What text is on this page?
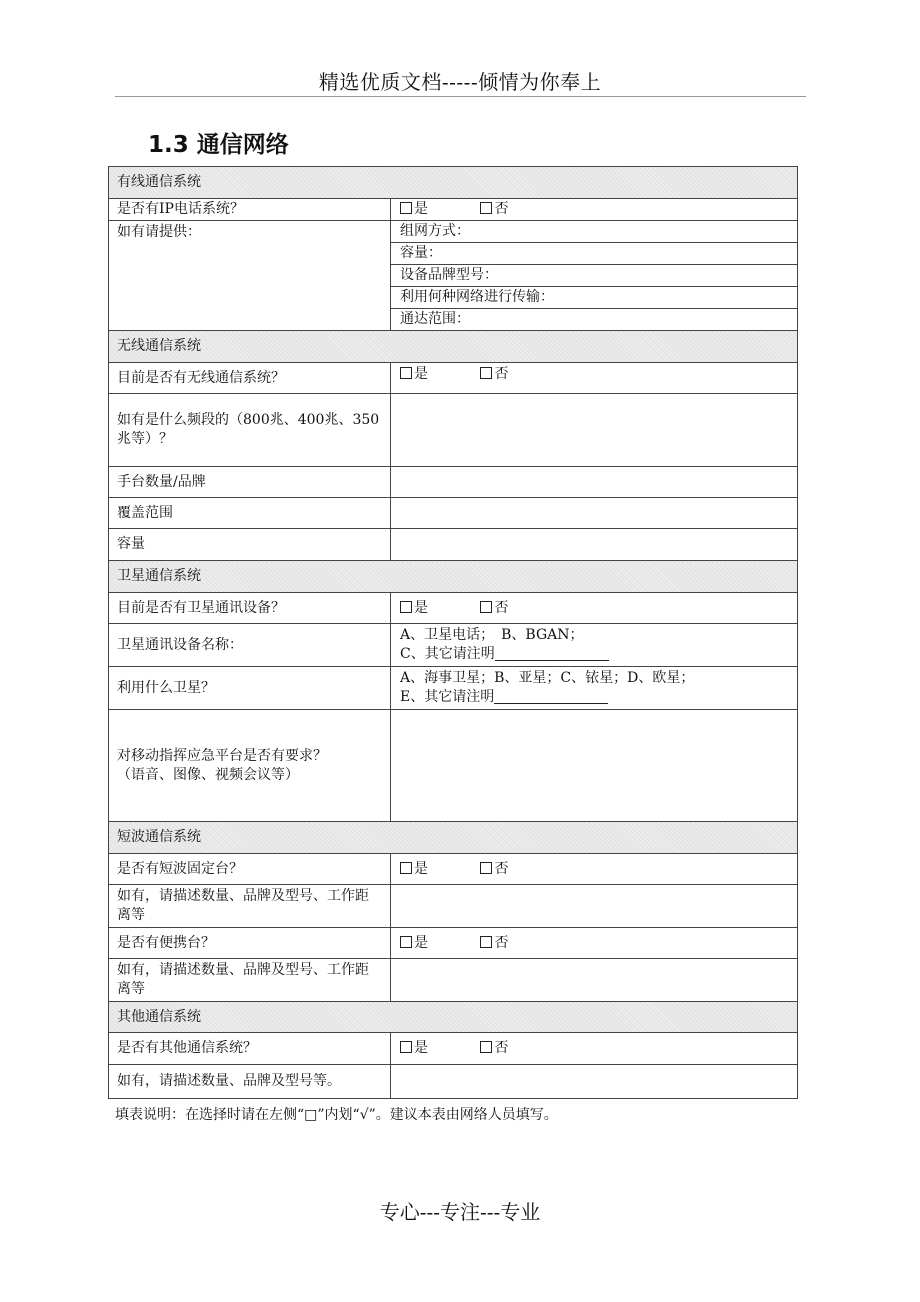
精选优质文档-----倾情为你奉上
1.3 通信网络
有线通信系统	
是否有IP电话系统？	是 否
如有请提供：	组网方式：
	容量：
	设备品牌型号：
	利用何种网络进行传输：
	通达范围：
无线通信系统	
目前是否有无线通信系统？	是 否
如有是什么频段的（800兆、400兆、350兆等）？	
手台数量/品牌	
覆盖范围	
容量	
卫星通信系统	
目前是否有卫星通讯设备？	是 否
卫星通讯设备名称：	A、卫星电话；　B、BGAN；
C、其它请注明

利用什么卫星？	A、海事卫星；B、亚星；C、铱星；D、欧星；
E、其它请注明

对移动指挥应急平台是否有要求？
（语音、图像、视频会议等）	

短波通信系统	
是否有短波固定台？	是 否
如有，请描述数量、品牌及型号、工作距离等	
是否有便携台？	是 否
如有，请描述数量、品牌及型号、工作距离等	
其他通信系统	
是否有其他通信系统？	是 否
如有，请描述数量、品牌及型号等。	
填表说明：在选择时请在左侧“□”内划“√”。建议本表由网络人员填写。
专心---专注---专业
